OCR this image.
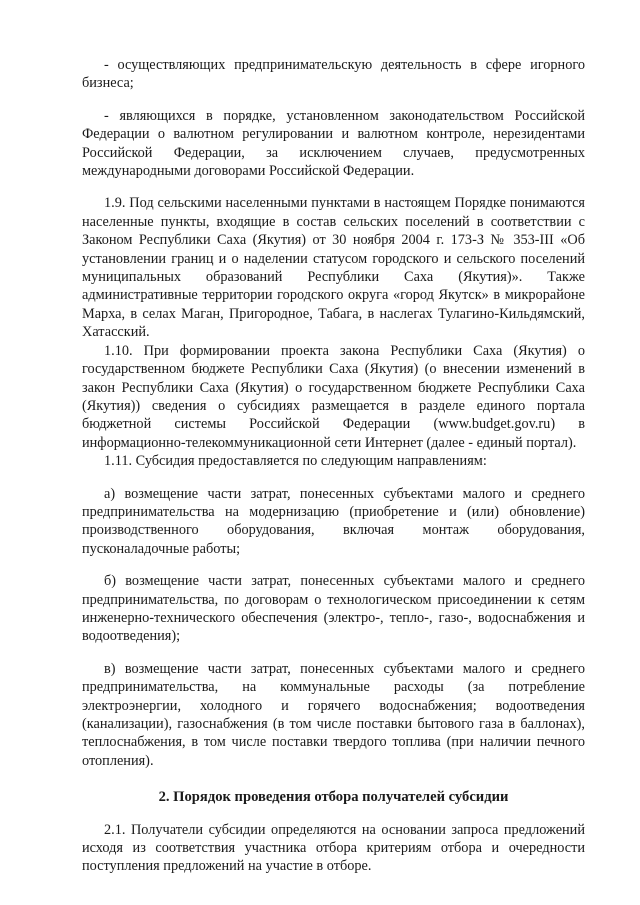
- осуществляющих предпринимательскую деятельность в сфере игорного бизнеса;

- являющихся в порядке, установленном законодательством Российской Федерации о валютном регулировании и валютном контроле, нерезидентами Российской Федерации, за исключением случаев, предусмотренных международными договорами Российской Федерации.

1.9. Под сельскими населенными пунктами в настоящем Порядке понимаются населенные пункты, входящие в состав сельских поселений в соответствии с Законом Республики Саха (Якутия) от 30 ноября 2004 г. 173-З № 353-III «Об установлении границ и о наделении статусом городского и сельского поселений муниципальных образований Республики Саха (Якутия)». Также административные территории городского округа «город Якутск» в микрорайоне Марха, в селах Маган, Пригородное, Табага, в наслегах Тулагино-Кильдямский, Хатасский.

1.10. При формировании проекта закона Республики Саха (Якутия) о государственном бюджете Республики Саха (Якутия) (о внесении изменений в закон Республики Саха (Якутия) о государственном бюджете Республики Саха (Якутия)) сведения о субсидиях размещается в разделе единого портала бюджетной системы Российской Федерации (www.budget.gov.ru) в информационно-телекоммуникационной сети Интернет (далее - единый портал).

1.11. Субсидия предоставляется по следующим направлениям:

а) возмещение части затрат, понесенных субъектами малого и среднего предпринимательства на модернизацию (приобретение и (или) обновление) производственного оборудования, включая монтаж оборудования, пусконаладочные работы;

б) возмещение части затрат, понесенных субъектами малого и среднего предпринимательства, по договорам о технологическом присоединении к сетям инженерно-технического обеспечения (электро-, тепло-, газо-, водоснабжения и водоотведения);

в) возмещение части затрат, понесенных субъектами малого и среднего предпринимательства, на коммунальные расходы (за потребление электроэнергии, холодного и горячего водоснабжения; водоотведения (канализации), газоснабжения (в том числе поставки бытового газа в баллонах), теплоснабжения, в том числе поставки твердого топлива (при наличии печного отопления).

2. Порядок проведения отбора получателей субсидии

2.1. Получатели субсидии определяются на основании запроса предложений исходя из соответствия участника отбора критериям отбора и очередности поступления предложений на участие в отборе.
